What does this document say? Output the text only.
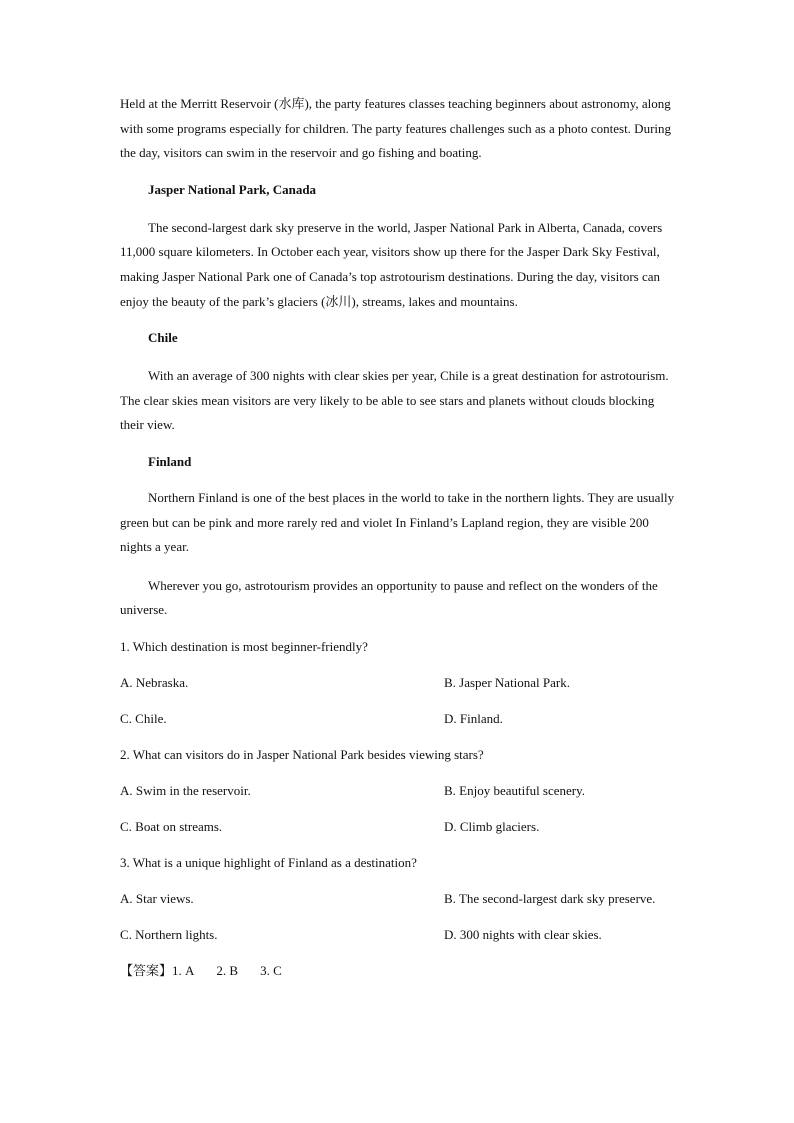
Held at the Merritt Reservoir (水库), the party features classes teaching beginners about astronomy, along with some programs especially for children. The party features challenges such as a photo contest. During the day, visitors can swim in the reservoir and go fishing and boating.

Jasper National Park, Canada

The second-largest dark sky preserve in the world, Jasper National Park in Alberta, Canada, covers 11,000 square kilometers. In October each year, visitors show up there for the Jasper Dark Sky Festival, making Jasper National Park one of Canada’s top astrotourism destinations. During the day, visitors can enjoy the beauty of the park’s glaciers (冰川), streams, lakes and mountains.

Chile

With an average of 300 nights with clear skies per year, Chile is a great destination for astrotourism. The clear skies mean visitors are very likely to be able to see stars and planets without clouds blocking their view.

Finland

Northern Finland is one of the best places in the world to take in the northern lights. They are usually green but can be pink and more rarely red and violet In Finland’s Lapland region, they are visible 200 nights a year.

Wherever you go, astrotourism provides an opportunity to pause and reflect on the wonders of the universe.

1. Which destination is most beginner-friendly?

A. Nebraska.	B. Jasper National Park.
C. Chile.	D. Finland.

2. What can visitors do in Jasper National Park besides viewing stars?

A. Swim in the reservoir.	B. Enjoy beautiful scenery.
C. Boat on streams.	D. Climb glaciers.

3. What is a unique highlight of Finland as a destination?

A. Star views.	B. The second-largest dark sky preserve.
C. Northern lights.	D. 300 nights with clear skies.

【答案】1. A 2. B 3. C
